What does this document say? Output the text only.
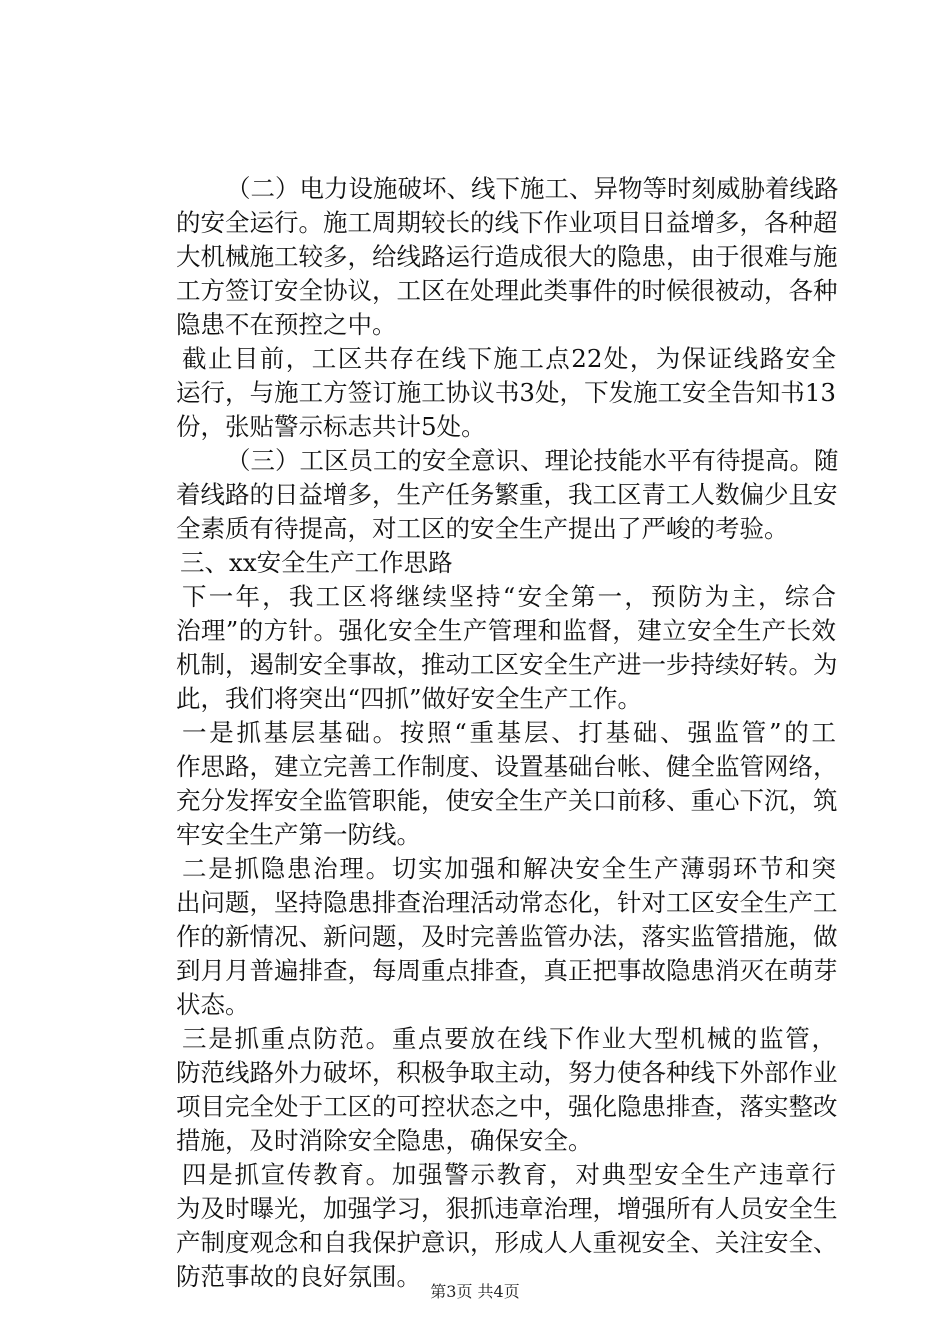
（二）电力设施破坏、线下施工、异物等时刻威胁着线路
的安全运行。施工周期较长的线下作业项目日益增多，各种超
大机械施工较多，给线路运行造成很大的隐患，由于很难与施
工方签订安全协议，工区在处理此类事件的时候很被动，各种
隐患不在预控之中。
截止目前，工区共存在线下施工点22处，为保证线路安全
运行，与施工方签订施工协议书3处，下发施工安全告知书13
份，张贴警示标志共计5处。
（三）工区员工的安全意识、理论技能水平有待提高。随
着线路的日益增多，生产任务繁重，我工区青工人数偏少且安
全素质有待提高，对工区的安全生产提出了严峻的考验。
三、xx安全生产工作思路
下一年，我工区将继续坚持“安全第一，预防为主，综合
治理”的方针。强化安全生产管理和监督，建立安全生产长效
机制，遏制安全事故，推动工区安全生产进一步持续好转。为
此，我们将突出“四抓”做好安全生产工作。
一是抓基层基础。按照“重基层、打基础、强监管”的工
作思路，建立完善工作制度、设置基础台帐、健全监管网络，
充分发挥安全监管职能，使安全生产关口前移、重心下沉，筑
牢安全生产第一防线。
二是抓隐患治理。切实加强和解决安全生产薄弱环节和突
出问题，坚持隐患排查治理活动常态化，针对工区安全生产工
作的新情况、新问题，及时完善监管办法，落实监管措施，做
到月月普遍排查，每周重点排查，真正把事故隐患消灭在萌芽
状态。
三是抓重点防范。重点要放在线下作业大型机械的监管，
防范线路外力破坏，积极争取主动，努力使各种线下外部作业
项目完全处于工区的可控状态之中，强化隐患排查，落实整改
措施，及时消除安全隐患，确保安全。
四是抓宣传教育。加强警示教育，对典型安全生产违章行
为及时曝光，加强学习，狠抓违章治理，增强所有人员安全生
产制度观念和自我保护意识，形成人人重视安全、关注安全、
防范事故的良好氛围。
第3页 共4页
